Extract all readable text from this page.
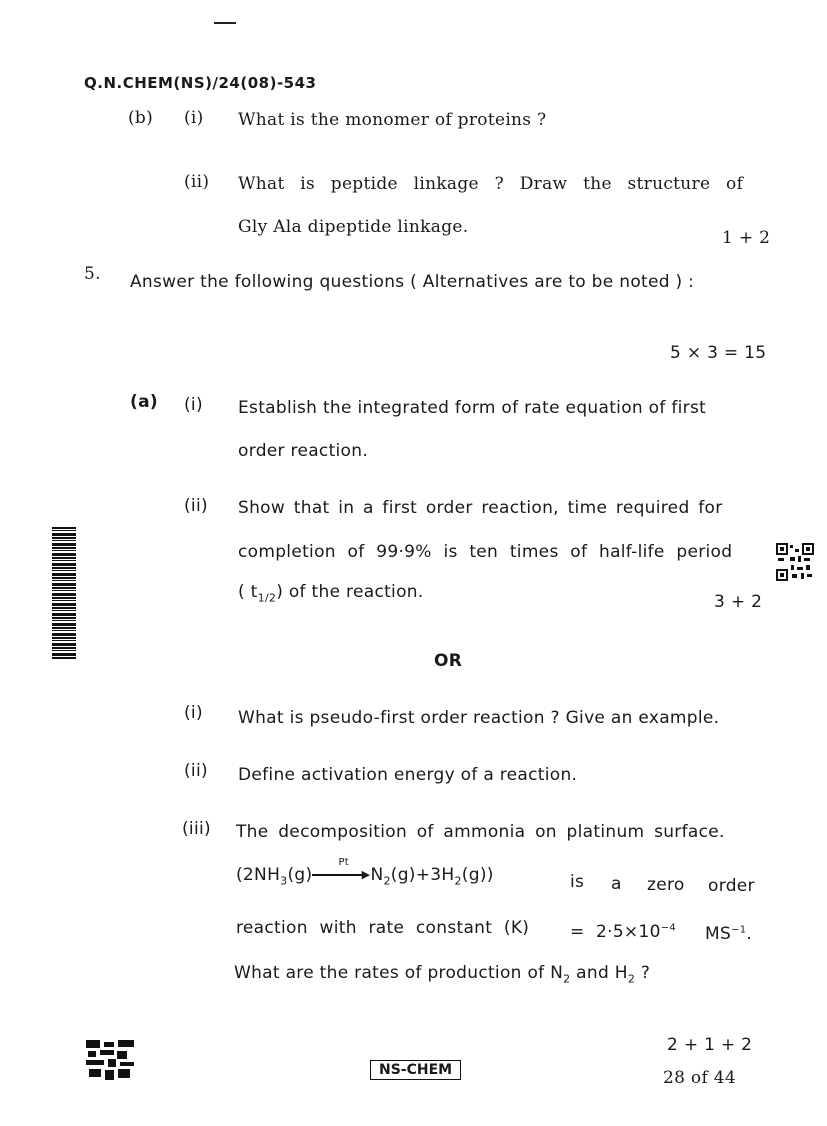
Q.N.CHEM(NS)/24(08)-543
(b) (i) What is the monomer of proteins ?
(ii) What is peptide linkage ? Draw the structure of
Gly Ala dipeptide linkage.
1 + 2
5. Answer the following questions ( Alternatives are to be noted ) :
5 × 3 = 15
(a) (i) Establish the integrated form of rate equation of first
order reaction.
(ii) Show that in a first order reaction, time required for
completion of 99·9% is ten times of half-life period
( $t_{1/2}$) of the reaction.	3 + 2
OR
(i) What is pseudo-first order reaction ? Give an example.
(ii) Define activation energy of a reaction.
(iii) The decomposition of ammonia on platinum surface.
($2NH_3(g)$
Pt
▶ $N_2(g)+3H_2(g)$)	is a zero order
reaction with rate constant $(K) = 2\cdot 5\times 10^{-4}$ $MS^{-1}$.
What are the rates of production of $N_2$ and $H_2$ ?
2 + 1 + 2
NS-CHEM	28 of 44
